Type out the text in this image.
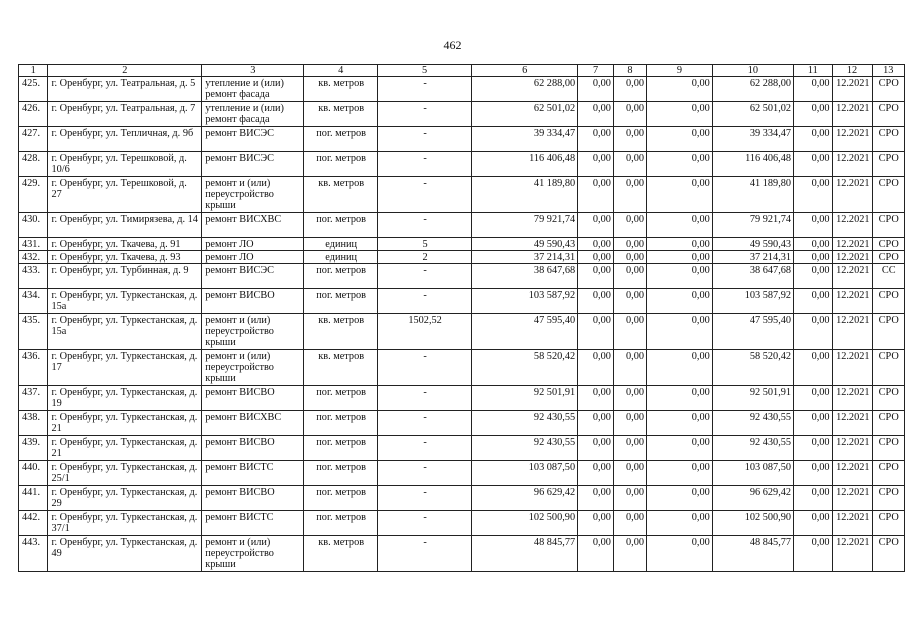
462
1	2	3	4	5	6	7	8	9	10	11	12	13
425.	г. Оренбург, ул. Театральная, д. 5	утепление и (или) ремонт фасада	кв. метров	-	62 288,00	0,00	0,00	0,00	62 288,00	0,00	12.2021	СРО
426.	г. Оренбург, ул. Театральная, д. 7	утепление и (или) ремонт фасада	кв. метров	-	62 501,02	0,00	0,00	0,00	62 501,02	0,00	12.2021	СРО
427.	г. Оренбург, ул. Тепличная, д. 9б	ремонт ВИСЭС	пог. метров	-	39 334,47	0,00	0,00	0,00	39 334,47	0,00	12.2021	СРО
428.	г. Оренбург, ул. Терешковой, д. 10/6	ремонт ВИСЭС	пог. метров	-	116 406,48	0,00	0,00	0,00	116 406,48	0,00	12.2021	СРО
429.	г. Оренбург, ул. Терешковой, д. 27	ремонт и (или) переустройство крыши	кв. метров	-	41 189,80	0,00	0,00	0,00	41 189,80	0,00	12.2021	СРО
430.	г. Оренбург, ул. Тимирязева, д. 14	ремонт ВИСХВС	пог. метров	-	79 921,74	0,00	0,00	0,00	79 921,74	0,00	12.2021	СРО
431.	г. Оренбург, ул. Ткачева, д. 91	ремонт ЛО	единиц	5	49 590,43	0,00	0,00	0,00	49 590,43	0,00	12.2021	СРО
432.	г. Оренбург, ул. Ткачева, д. 93	ремонт ЛО	единиц	2	37 214,31	0,00	0,00	0,00	37 214,31	0,00	12.2021	СРО
433.	г. Оренбург, ул. Турбинная, д. 9	ремонт ВИСЭС	пог. метров	-	38 647,68	0,00	0,00	0,00	38 647,68	0,00	12.2021	СС
434.	г. Оренбург, ул. Туркестанская, д. 15а	ремонт ВИСВО	пог. метров	-	103 587,92	0,00	0,00	0,00	103 587,92	0,00	12.2021	СРО
435.	г. Оренбург, ул. Туркестанская, д. 15а	ремонт и (или) переустройство крыши	кв. метров	1502,52	47 595,40	0,00	0,00	0,00	47 595,40	0,00	12.2021	СРО
436.	г. Оренбург, ул. Туркестанская, д. 17	ремонт и (или) переустройство крыши	кв. метров	-	58 520,42	0,00	0,00	0,00	58 520,42	0,00	12.2021	СРО
437.	г. Оренбург, ул. Туркестанская, д. 19	ремонт ВИСВО	пог. метров	-	92 501,91	0,00	0,00	0,00	92 501,91	0,00	12.2021	СРО
438.	г. Оренбург, ул. Туркестанская, д. 21	ремонт ВИСХВС	пог. метров	-	92 430,55	0,00	0,00	0,00	92 430,55	0,00	12.2021	СРО
439.	г. Оренбург, ул. Туркестанская, д. 21	ремонт ВИСВО	пог. метров	-	92 430,55	0,00	0,00	0,00	92 430,55	0,00	12.2021	СРО
440.	г. Оренбург, ул. Туркестанская, д. 25/1	ремонт ВИСТС	пог. метров	-	103 087,50	0,00	0,00	0,00	103 087,50	0,00	12.2021	СРО
441.	г. Оренбург, ул. Туркестанская, д. 29	ремонт ВИСВО	пог. метров	-	96 629,42	0,00	0,00	0,00	96 629,42	0,00	12.2021	СРО
442.	г. Оренбург, ул. Туркестанская, д. 37/1	ремонт ВИСТС	пог. метров	-	102 500,90	0,00	0,00	0,00	102 500,90	0,00	12.2021	СРО
443.	г. Оренбург, ул. Туркестанская, д. 49	ремонт и (или) переустройство крыши	кв. метров	-	48 845,77	0,00	0,00	0,00	48 845,77	0,00	12.2021	СРО
